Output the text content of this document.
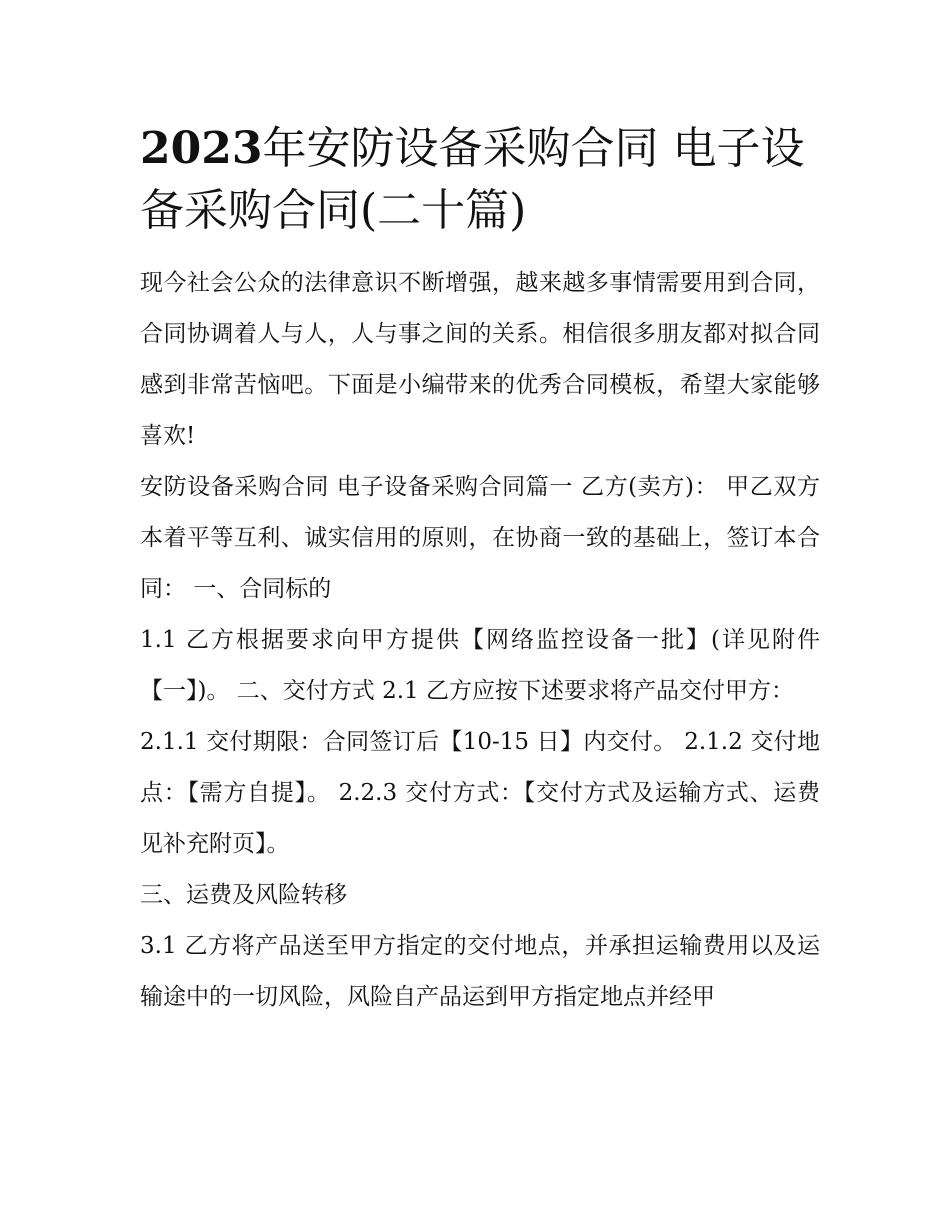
2023年安防设备采购合同 电子设备采购合同(二十篇)

现今社会公众的法律意识不断增强，越来越多事情需要用到合同，合同协调着人与人，人与事之间的关系。相信很多朋友都对拟合同感到非常苦恼吧。下面是小编带来的优秀合同模板，希望大家能够喜欢!

安防设备采购合同 电子设备采购合同篇一 乙方(卖方)： 甲乙双方本着平等互利、诚实信用的原则，在协商一致的基础上，签订本合同： 一、合同标的

1.1 乙方根据要求向甲方提供【网络监控设备一批】(详见附件【一】)。 二、交付方式 2.1 乙方应按下述要求将产品交付甲方：

2.1.1 交付期限：合同签订后【10-15 日】内交付。 2.1.2 交付地点：【需方自提】。 2.2.3 交付方式：【交付方式及运输方式、运费见补充附页】。

三、运费及风险转移

3.1 乙方将产品送至甲方指定的交付地点，并承担运输费用以及运输途中的一切风险，风险自产品运到甲方指定地点并经甲
